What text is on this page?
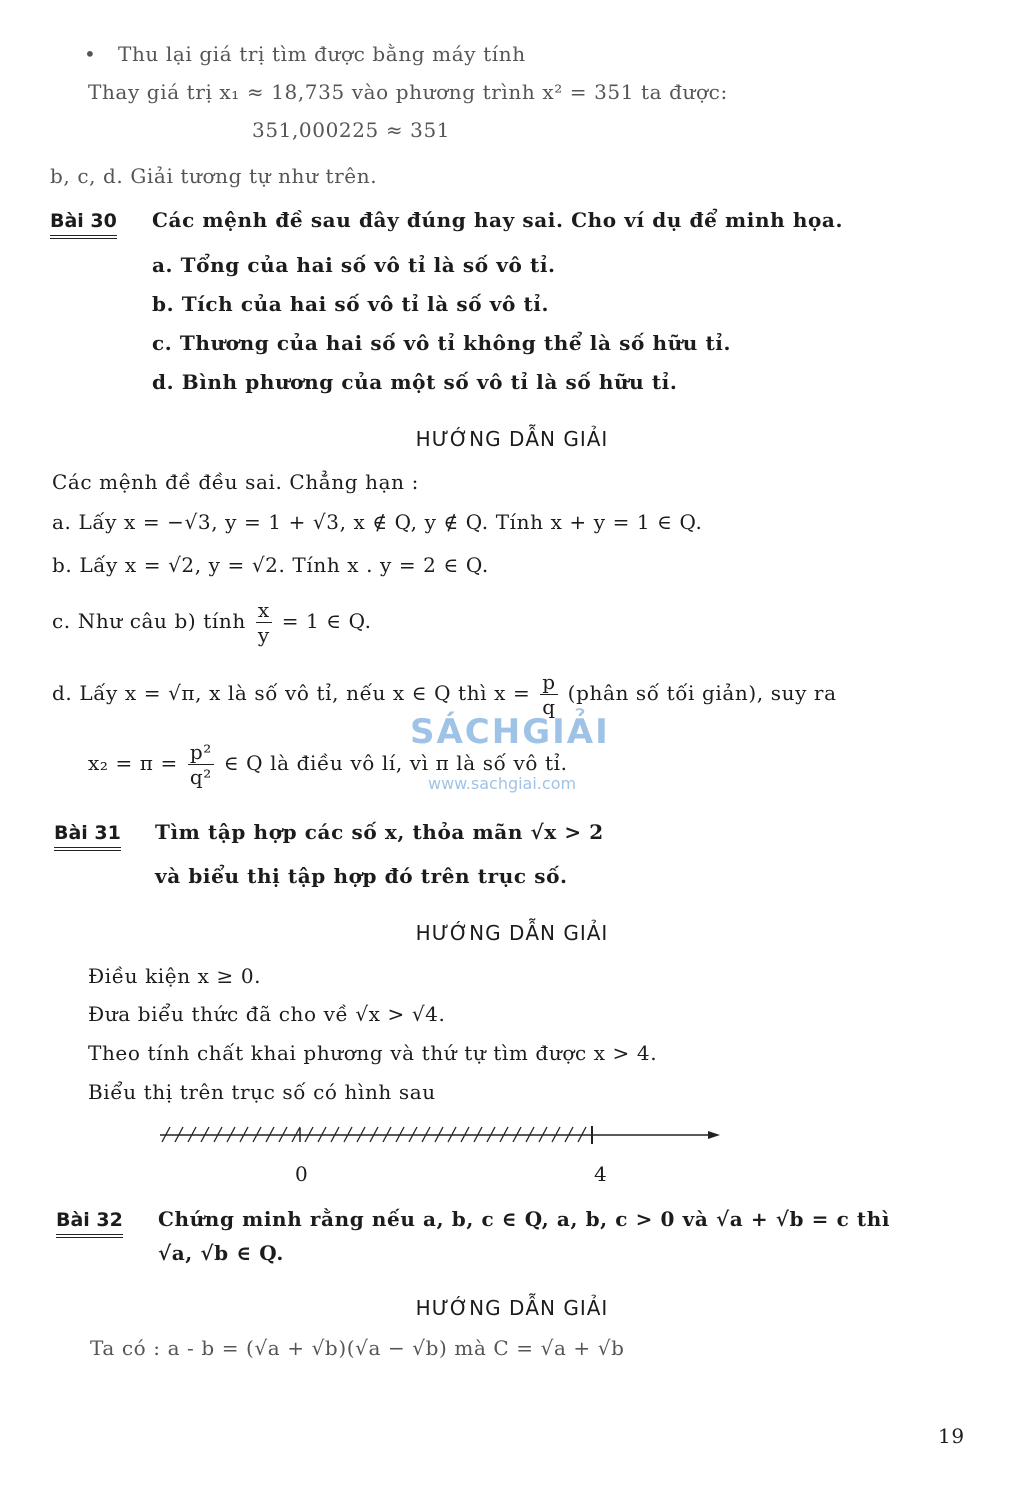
• Thu lại giá trị tìm được bằng máy tính
Thay giá trị x₁ ≈ 18,735 vào phương trình x² = 351 ta được:
351,000225 ≈ 351
b, c, d. Giải tương tự như trên.
Bài 30 Các mệnh đề sau đây đúng hay sai. Cho ví dụ để minh họa.
a. Tổng của hai số vô tỉ là số vô tỉ.
b. Tích của hai số vô tỉ là số vô tỉ.
c. Thương của hai số vô tỉ không thể là số hữu tỉ.
d. Bình phương của một số vô tỉ là số hữu tỉ.
HƯỚNG DẪN GIẢI
Các mệnh đề đều sai. Chẳng hạn :
a. Lấy x = −√3, y = 1 + √3, x ∉ Q, y ∉ Q. Tính x + y = 1 ∈ Q.
b. Lấy x = √2, y = √2. Tính x . y = 2 ∈ Q.
c. Như câu b) tính $\frac{x}{y} = 1$ ∈ Q.
d. Lấy x = √π, x là số vô tỉ, nếu x ∈ Q thì $x = \frac{p}{q}$ (phân số tối giản), suy ra
$x_2 = \pi = \frac{\text{p²}}{\text{q²}}$ ∈ Q là điều vô lí, vì π là số vô tỉ.
SÁCHGIẢI
www.sachgiai.com
Bài 31 Tìm tập hợp các số x, thỏa mãn √x > 2
và biểu thị tập hợp đó trên trục số.
HƯỚNG DẪN GIẢI
Điều kiện x ≥ 0.
Đưa biểu thức đã cho về √x > √4.
Theo tính chất khai phương và thứ tự tìm được x > 4.
Biểu thị trên trục số có hình sau
0	4
Bài 32 Chứng minh rằng nếu a, b, c ∈ Q, a, b, c > 0 và √a + √b = c thì
√a, √b ∈ Q.
HƯỚNG DẪN GIẢI
Ta có : a - b = (√a + √b)(√a − √b) mà C = √a + √b
19
